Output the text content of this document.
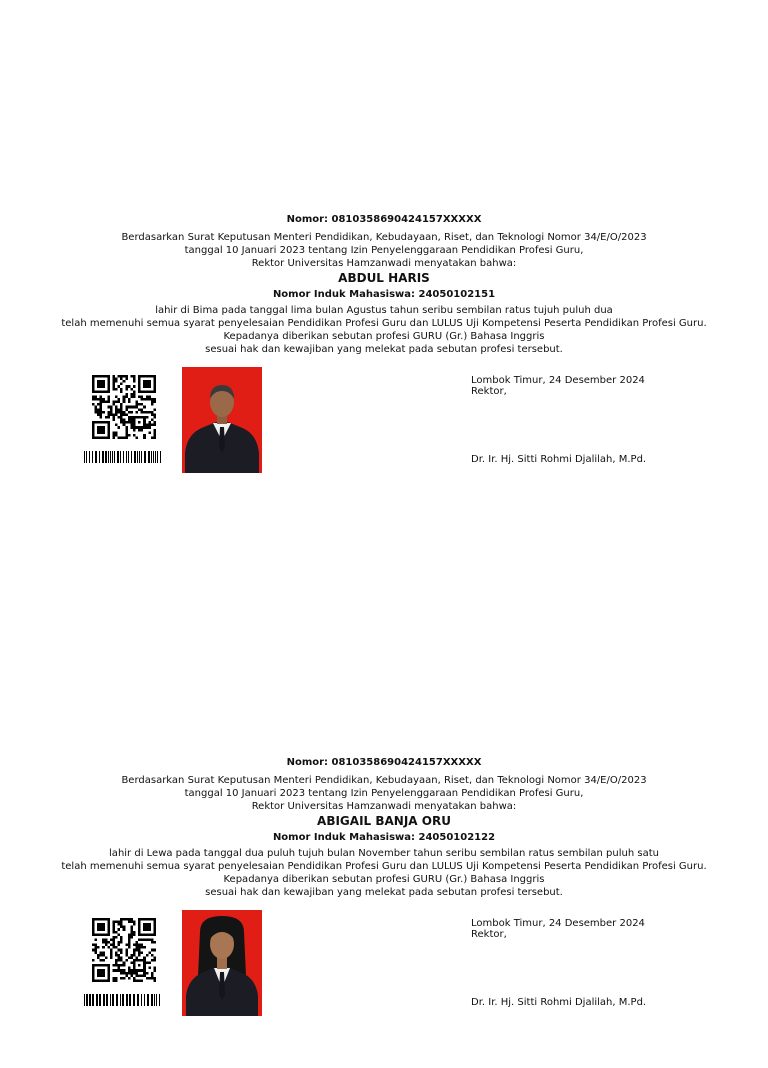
Nomor: 0810358690424157XXXXX
Berdasarkan Surat Keputusan Menteri Pendidikan, Kebudayaan, Riset, dan Teknologi Nomor 34/E/O/2023
tanggal 10 Januari 2023 tentang Izin Penyelenggaraan Pendidikan Profesi Guru,
Rektor Universitas Hamzanwadi menyatakan bahwa:
ABDUL HARIS
Nomor Induk Mahasiswa: 24050102151
lahir di Bima pada tanggal lima bulan Agustus tahun seribu sembilan ratus tujuh puluh dua
telah memenuhi semua syarat penyelesaian Pendidikan Profesi Guru dan LULUS Uji Kompetensi Peserta Pendidikan Profesi Guru.
Kepadanya diberikan sebutan profesi GURU (Gr.) Bahasa Inggris
sesuai hak dan kewajiban yang melekat pada sebutan profesi tersebut.
Lombok Timur, 24 Desember 2024
Rektor,
Dr. Ir. Hj. Sitti Rohmi Djalilah, M.Pd.
Nomor: 0810358690424157XXXXX
Berdasarkan Surat Keputusan Menteri Pendidikan, Kebudayaan, Riset, dan Teknologi Nomor 34/E/O/2023
tanggal 10 Januari 2023 tentang Izin Penyelenggaraan Pendidikan Profesi Guru,
Rektor Universitas Hamzanwadi menyatakan bahwa:
ABIGAIL BANJA ORU
Nomor Induk Mahasiswa: 24050102122
lahir di Lewa pada tanggal dua puluh tujuh bulan November tahun seribu sembilan ratus sembilan puluh satu
telah memenuhi semua syarat penyelesaian Pendidikan Profesi Guru dan LULUS Uji Kompetensi Peserta Pendidikan Profesi Guru.
Kepadanya diberikan sebutan profesi GURU (Gr.) Bahasa Inggris
sesuai hak dan kewajiban yang melekat pada sebutan profesi tersebut.
Lombok Timur, 24 Desember 2024
Rektor,
Dr. Ir. Hj. Sitti Rohmi Djalilah, M.Pd.
